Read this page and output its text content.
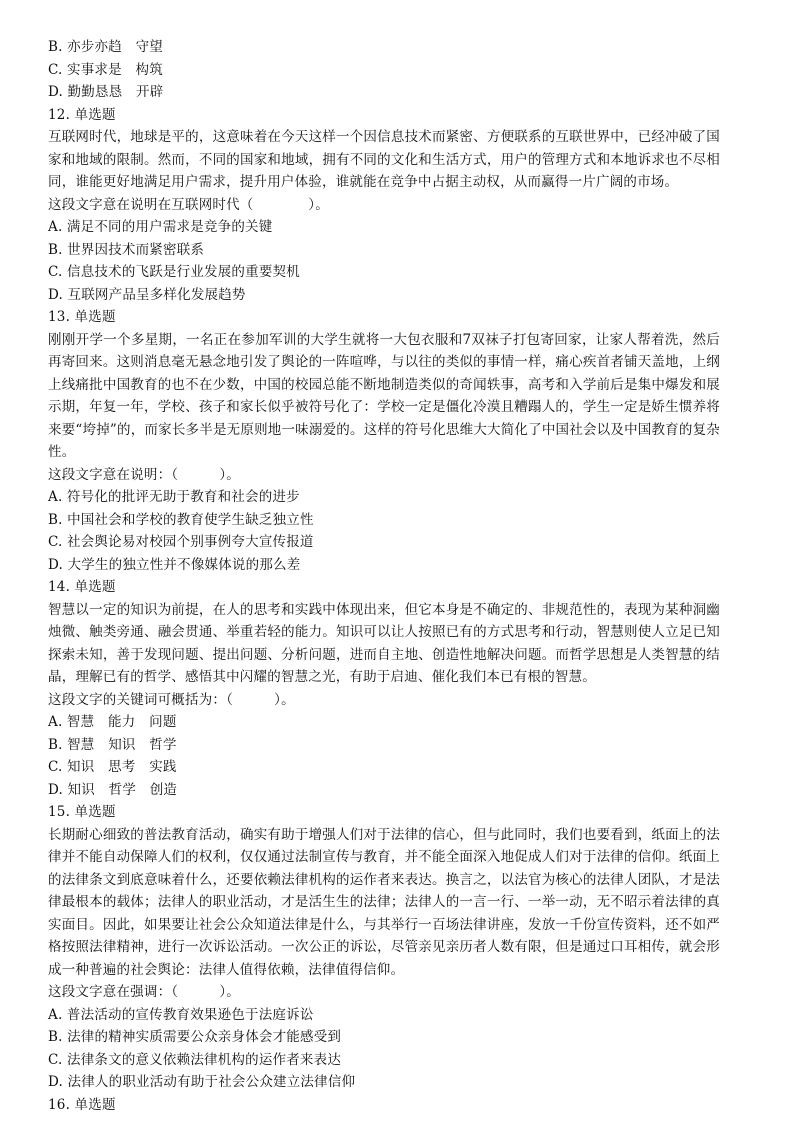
B. 亦步亦趋　守望
C. 实事求是　构筑
D. 勤勤恳恳　开辟
12. 单选题
互联网时代，地球是平的，这意味着在今天这样一个因信息技术而紧密、方便联系的互联世界中，已经冲破了国家和地域的限制。然而，不同的国家和地域，拥有不同的文化和生活方式，用户的管理方式和本地诉求也不尽相同，谁能更好地满足用户需求，提升用户体验，谁就能在竞争中占据主动权，从而赢得一片广阔的市场。
这段文字意在说明在互联网时代（　　　　）。
A. 满足不同的用户需求是竞争的关键
B. 世界因技术而紧密联系
C. 信息技术的飞跃是行业发展的重要契机
D. 互联网产品呈多样化发展趋势
13. 单选题
刚刚开学一个多星期，一名正在参加军训的大学生就将一大包衣服和7双袜子打包寄回家，让家人帮着洗，然后再寄回来。这则消息毫无悬念地引发了舆论的一阵喧哗，与以往的类似的事情一样，痛心疾首者铺天盖地，上纲上线痛批中国教育的也不在少数，中国的校园总能不断地制造类似的奇闻轶事，高考和入学前后是集中爆发和展示期，年复一年，学校、孩子和家长似乎被符号化了：学校一定是僵化冷漠且糟蹋人的，学生一定是娇生惯养将来要“垮掉”的，而家长多半是无原则地一味溺爱的。这样的符号化思维大大简化了中国社会以及中国教育的复杂性。
这段文字意在说明：（　　　）。
A. 符号化的批评无助于教育和社会的进步
B. 中国社会和学校的教育使学生缺乏独立性
C. 社会舆论易对校园个别事例夸大宣传报道
D. 大学生的独立性并不像媒体说的那么差
14. 单选题
智慧以一定的知识为前提，在人的思考和实践中体现出来，但它本身是不确定的、非规范性的，表现为某种洞幽烛微、触类旁通、融会贯通、举重若轻的能力。知识可以让人按照已有的方式思考和行动，智慧则使人立足已知探索未知，善于发现问题、提出问题、分析问题，进而自主地、创造性地解决问题。而哲学思想是人类智慧的结晶，理解已有的哲学、感悟其中闪耀的智慧之光，有助于启迪、催化我们本已有根的智慧。
这段文字的关键词可概括为：（　　　）。
A. 智慧　能力　问题
B. 智慧　知识　哲学
C. 知识　思考　实践
D. 知识　哲学　创造
15. 单选题
长期耐心细致的普法教育活动，确实有助于增强人们对于法律的信心，但与此同时，我们也要看到，纸面上的法律并不能自动保障人们的权利，仅仅通过法制宣传与教育，并不能全面深入地促成人们对于法律的信仰。纸面上的法律条文到底意味着什么，还要依赖法律机构的运作者来表达。换言之，以法官为核心的法律人团队，才是法律最根本的载体；法律人的职业活动，才是活生生的法律；法律人的一言一行、一举一动，无不昭示着法律的真实面目。因此，如果要让社会公众知道法律是什么，与其举行一百场法律讲座，发放一千份宣传资料，还不如严格按照法律精神，进行一次诉讼活动。一次公正的诉讼，尽管亲见亲历者人数有限，但是通过口耳相传，就会形成一种普遍的社会舆论：法律人值得依赖，法律值得信仰。
这段文字意在强调：（　　　）。
A. 普法活动的宣传教育效果逊色于法庭诉讼
B. 法律的精神实质需要公众亲身体会才能感受到
C. 法律条文的意义依赖法律机构的运作者来表达
D. 法律人的职业活动有助于社会公众建立法律信仰
16. 单选题
